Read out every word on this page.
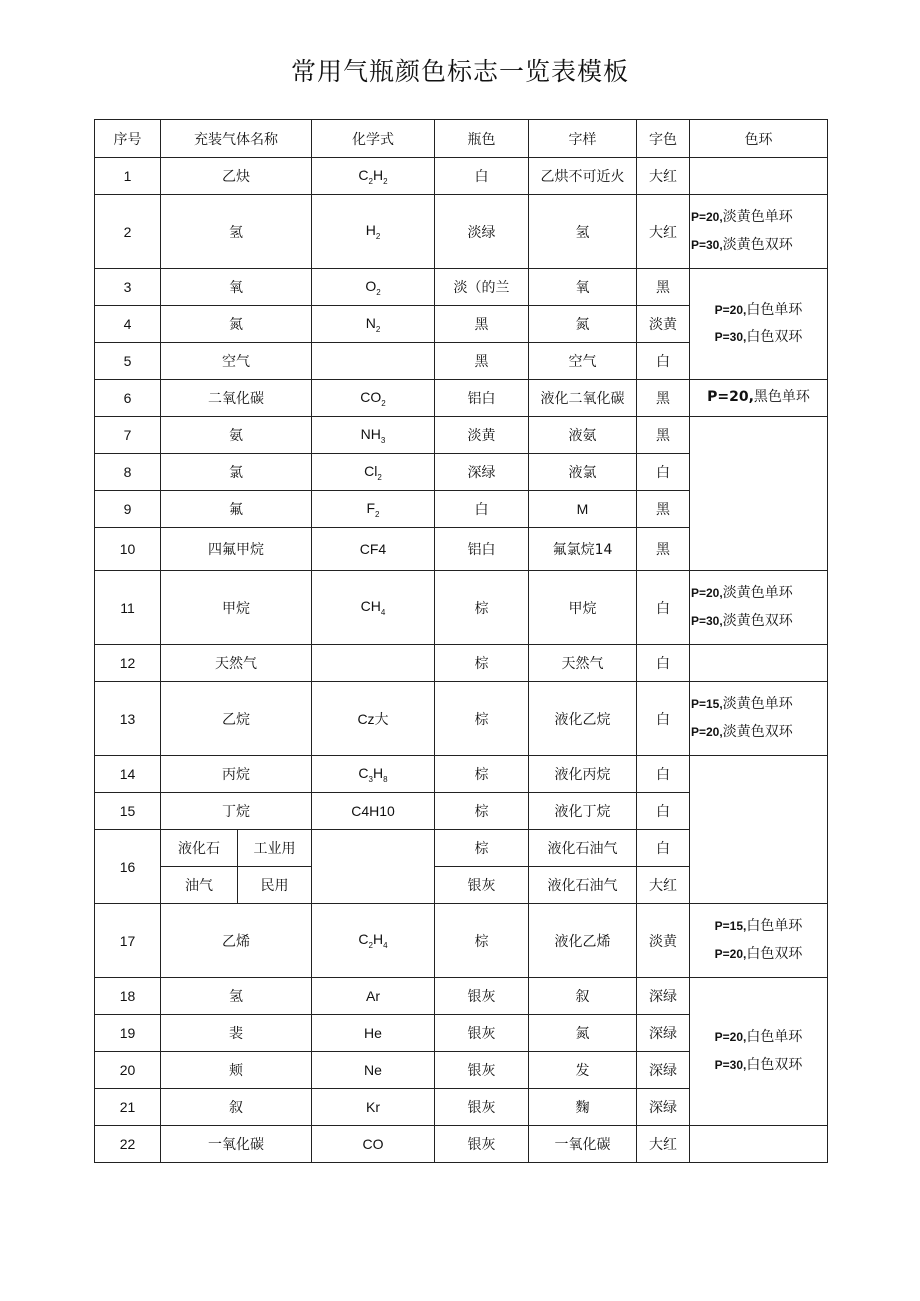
常用气瓶颜色标志一览表模板
序号	充装气体名称		化学式	瓶色	字样	字色	色环
1	乙炔		$C_2H_2$	白	乙烘不可近火	大红	
2	氢		$H_2$	淡绿	氢	大红	P=20,淡黄色单环
P=30,淡黄色双环

3	氧		$O_2$	淡（的兰	氧	黑	P=20,白色单环
P=30,白色双环

4	氮		$N_2$	黑	氮	淡黄	
5	空气			黑	空气	白	
6	二氧化碳		$CO_2$	铝白	液化二氧化碳	黑	P=20,黑色单环
7	氨		$NH_3$	淡黄	液氨	黑	
8	氯		$Cl_2$	深绿	液氯	白	
9	氟		$F_2$	白	M	黑	
10	四氟甲烷		CF4	铝白	氟氯烷14	黑	
11	甲烷		$CH_4$	棕	甲烷	白	P=20,淡黄色单环
P=30,淡黄色双环

12	天然气			棕	天然气	白	
13	乙烷		Cz大	棕	液化乙烷	白	P=15,淡黄色单环
P=20,淡黄色双环

14	丙烷		$C_3H_8$	棕	液化丙烷	白	
15	丁烷		C4H10	棕	液化丁烷	白	
16	液化石	工业用		棕	液化石油气	白	
	油气	民用		银灰	液化石油气	大红	
17	乙烯		$C_2H_4$	棕	液化乙烯	淡黄	P=15,白色单环
P=20,白色双环

18	氢		Ar	银灰	叙	深绿	P=20,白色单环
P=30,白色双环

19	裴		He	银灰	氮	深绿	
20	颊		Ne	银灰	发	深绿	
21	叙		Kr	银灰	麴	深绿	
22	一氧化碳		CO	银灰	一氧化碳	大红	
